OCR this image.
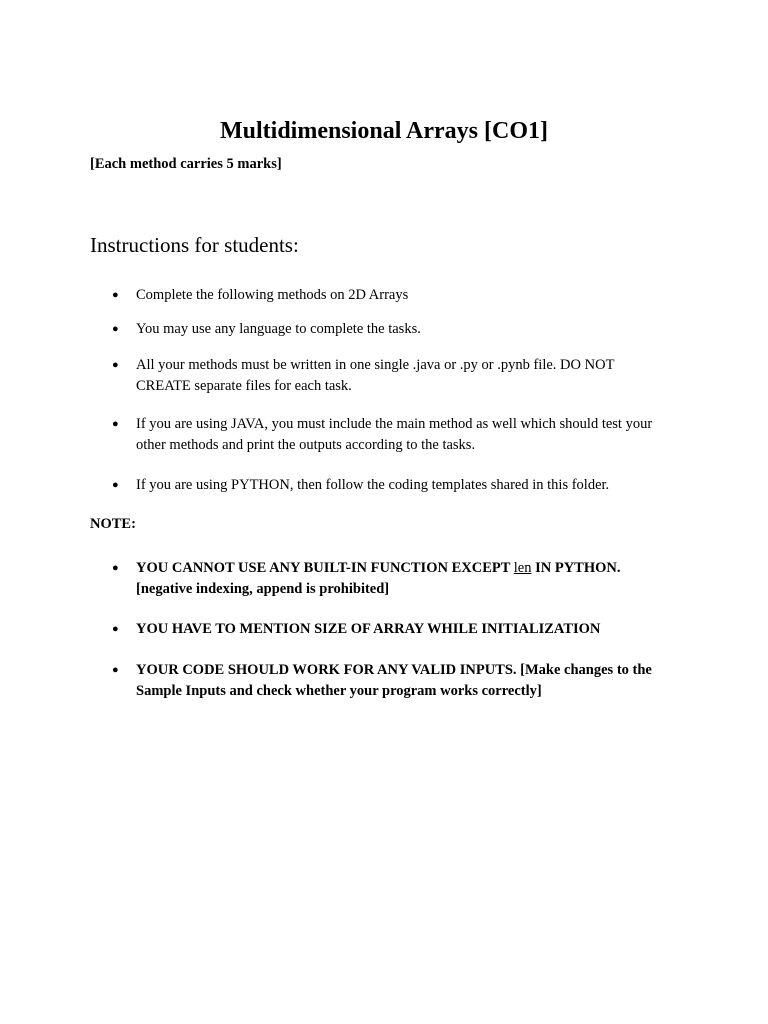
Multidimensional Arrays [CO1]
[Each method carries 5 marks]
Instructions for students:
● Complete the following methods on 2D Arrays
● You may use any language to complete the tasks.
● All your methods must be written in one single .java or .py or .pynb file. DO NOT CREATE separate files for each task.
● If you are using JAVA, you must include the main method as well which should test your other methods and print the outputs according to the tasks.
● If you are using PYTHON, then follow the coding templates shared in this folder.
NOTE:
● YOU CANNOT USE ANY BUILT-IN FUNCTION EXCEPT len IN PYTHON. [negative indexing, append is prohibited]
● YOU HAVE TO MENTION SIZE OF ARRAY WHILE INITIALIZATION
● YOUR CODE SHOULD WORK FOR ANY VALID INPUTS. [Make changes to the Sample Inputs and check whether your program works correctly]
